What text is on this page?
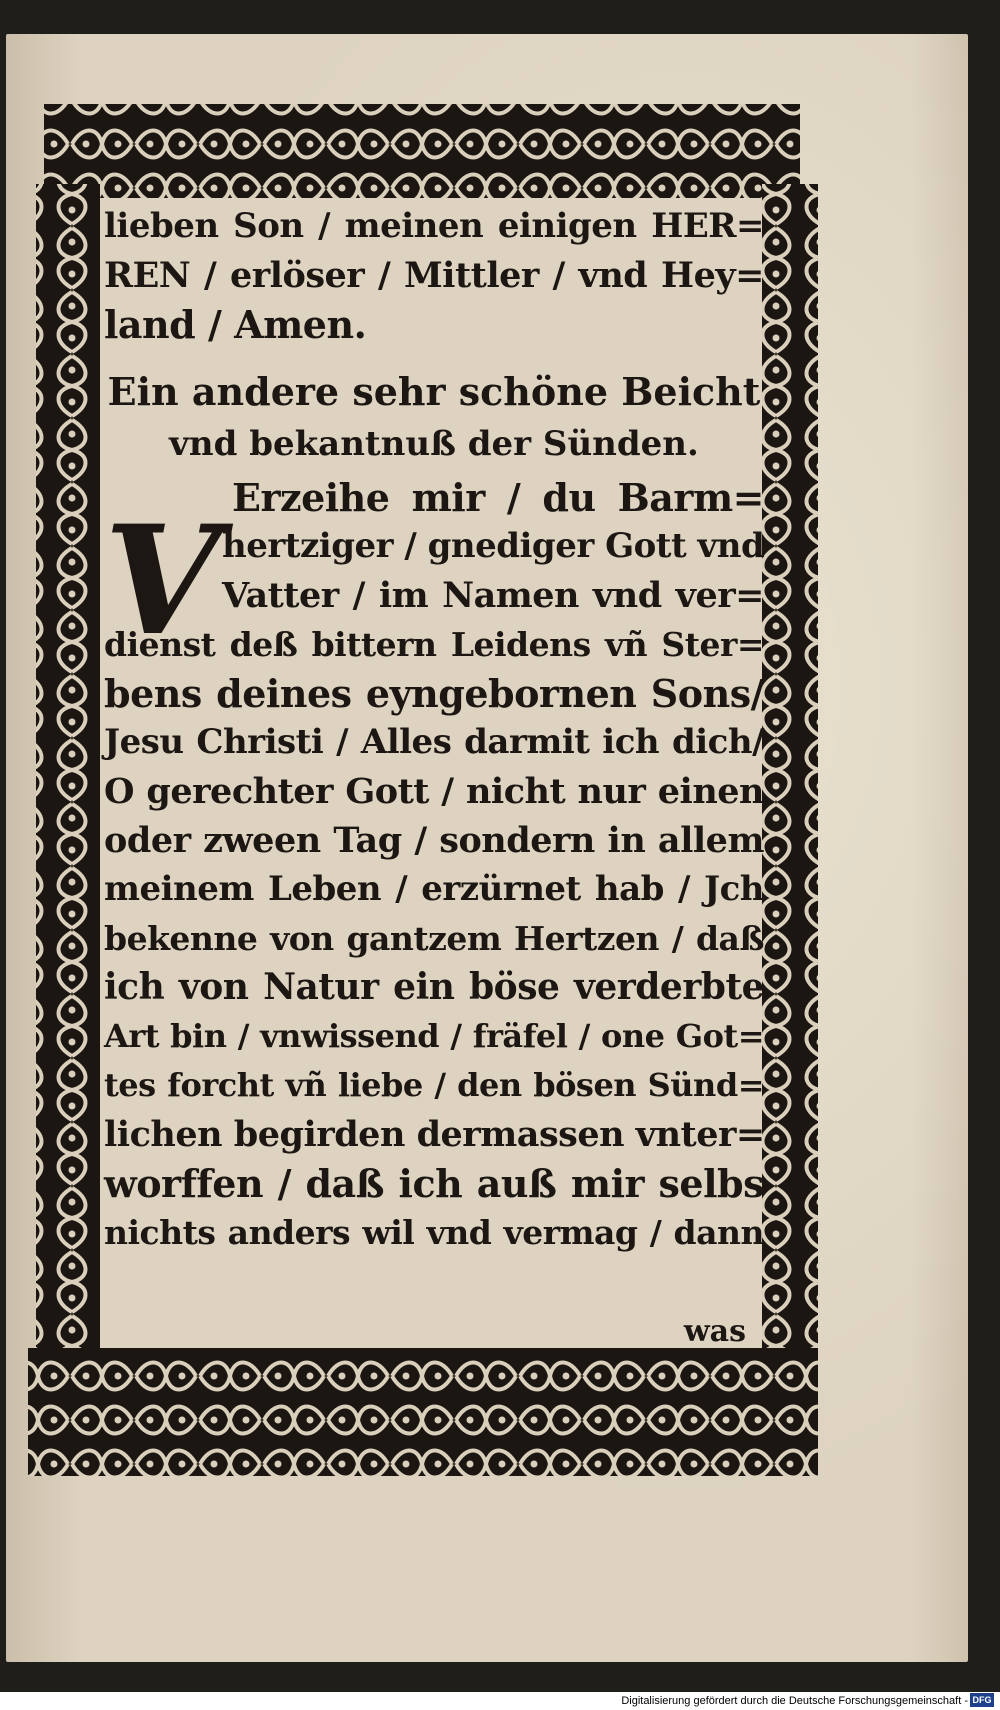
V
lieben Son / meinen einigen HER=
REN / erlöser / Mittler / vnd Hey=
land / Amen.
Ein andere sehr schöne Beicht
vnd bekantnuß der Sünden.
Erzeihe mir / du Barm=
hertziger / gnediger Gott vnd
Vatter / im Namen vnd ver=
dienst deß bittern Leidens vñ Ster=
bens deines eyngebornen Sons/
Jesu Christi / Alles darmit ich dich/
O gerechter Gott / nicht nur einen
oder zween Tag / sondern in allem
meinem Leben / erzürnet hab / Jch
bekenne von gantzem Hertzen / daß
ich von Natur ein böse verderbte
Art bin / vnwissend / fräfel / one Got=
tes forcht vñ liebe / den bösen Sünd=
lichen begirden dermassen vnter=
worffen / daß ich auß mir selbs
nichts anders wil vnd vermag / dann
was
Digitalisierung gefördert durch die Deutsche Forschungsgemeinschaft - DFG
